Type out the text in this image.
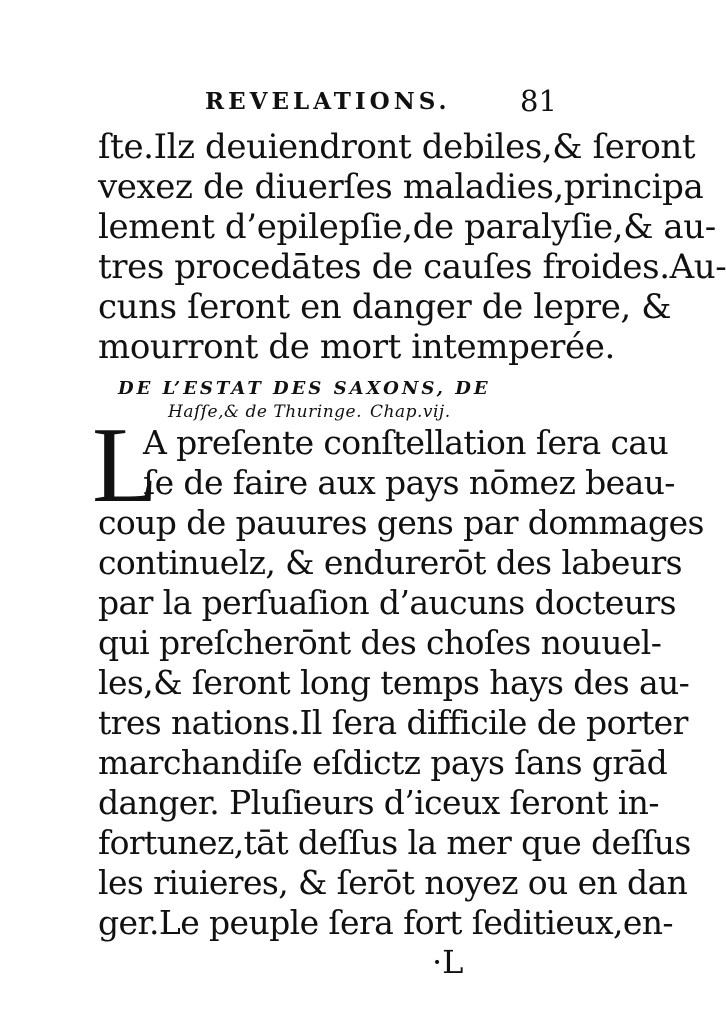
REVELATIONS. 81
ſte.Ilz deuiendront debiles,& ſeront
vexez de diuerſes maladies,principa
lement d’epilepſie,de paralyſie,& au-
tres procedātes de cauſes froides.Au-
cuns ſeront en danger de lepre, &
mourront de mort intemperée.
DE L’ESTAT DES SAXONS, DE
Haſſe,& de Thuringe. Chap.vij.
L
A preſente conſtellation ſera cau
ſe de faire aux pays nōmez beau-
coup de pauures gens par dommages
continuelz, & endurerōt des labeurs
par la perſuaſion d’aucuns docteurs
qui preſcherōnt des choſes nouuel-
les,& ſeront long temps hays des au-
tres nations.Il ſera difficile de porter
marchandiſe eſdictz pays ſans grād
danger. Pluſieurs d’iceux ſeront in-
fortunez,tāt deſſus la mer que deſſus
les riuieres, & ſerōt noyez ou en dan
ger.Le peuple ſera fort ſeditieux,en-
·L
